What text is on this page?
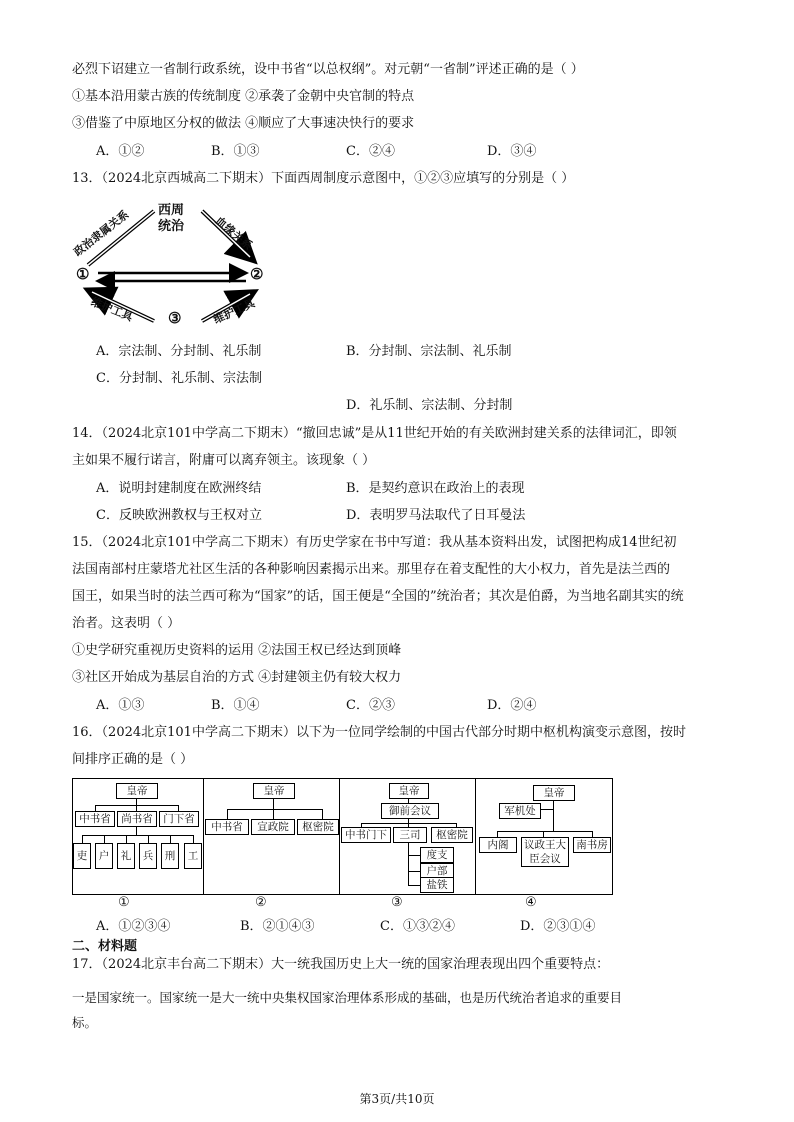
必烈下诏建立一省制行政系统，设中书省“以总权纲”。对元朝“一省制”评述正确的是（ ）
①基本沿用蒙古族的传统制度 ②承袭了金朝中央官制的特点
③借鉴了中原地区分权的做法 ④顺应了大事速决快行的要求
A．①②	B．①③	C．②④	D．③④
13．（2024北京西城高二下期末）下面西周制度示意图中，①②③应填写的分别是（ ）
西周
统治
①	②
③
政治隶属关系	血缘关系
维护工具	维护工具
A．宗法制、分封制、礼乐制	B．分封制、宗法制、礼乐制
C．分封制、礼乐制、宗法制
D．礼乐制、宗法制、分封制
14．（2024北京101中学高二下期末）“撤回忠诚”是从11世纪开始的有关欧洲封建关系的法律词汇，即领
主如果不履行诺言，附庸可以离弃领主。该现象（ ）
A．说明封建制度在欧洲终结	B．是契约意识在政治上的表现
C．反映欧洲教权与王权对立	D．表明罗马法取代了日耳曼法
15．（2024北京101中学高二下期末）有历史学家在书中写道：我从基本资料出发，试图把构成14世纪初
法国南部村庄蒙塔尤社区生活的各种影响因素揭示出来。那里存在着支配性的大小权力，首先是法兰西的
国王，如果当时的法兰西可称为“国家”的话，国王便是“全国的”统治者；其次是伯爵，为当地名副其实的统
治者。这表明（ ）
①史学研究重视历史资料的运用 ②法国王权已经达到顶峰
③社区开始成为基层自治的方式 ④封建领主仍有较大权力
A．①③	B．①④	C．②③	D．②④
16．（2024北京101中学高二下期末）以下为一位同学绘制的中国古代部分时期中枢机构演变示意图，按时
间排序正确的是（ ）
皇帝
中书省	尚书省	门下省
吏	户	礼	兵	刑	工
皇帝
中书省	宣政院	枢密院
皇帝
御前会议
中书门下	三司	枢密院
度支
户部
盐铁
皇帝
军机处
内阁	议政王大臣会议
南书房
①	②	③	④
A．①②③④	B．②①④③	C．①③②④	D．②③①④
二、材料题
17．（2024北京丰台高二下期末）大一统我国历史上大一统的国家治理表现出四个重要特点：
一是国家统一。国家统一是大一统中央集权国家治理体系形成的基础，也是历代统治者追求的重要目
标。
第3页/共10页
